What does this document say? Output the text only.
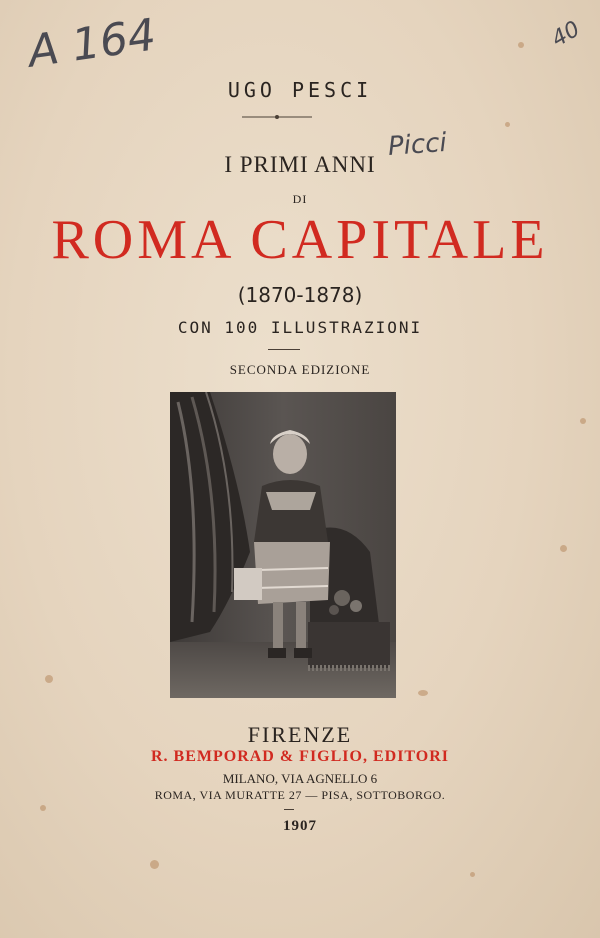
A 164
Picci
40
UGO PESCI
I PRIMI ANNI
DI
ROMA CAPITALE
(1870-1878)
CON 100 ILLUSTRAZIONI
SECONDA EDIZIONE
FIRENZE
R. BEMPORAD & FIGLIO, EDITORI
MILANO, VIA AGNELLO 6
ROMA, VIA MURATTE 27 — PISA, SOTTOBORGO.
1907
